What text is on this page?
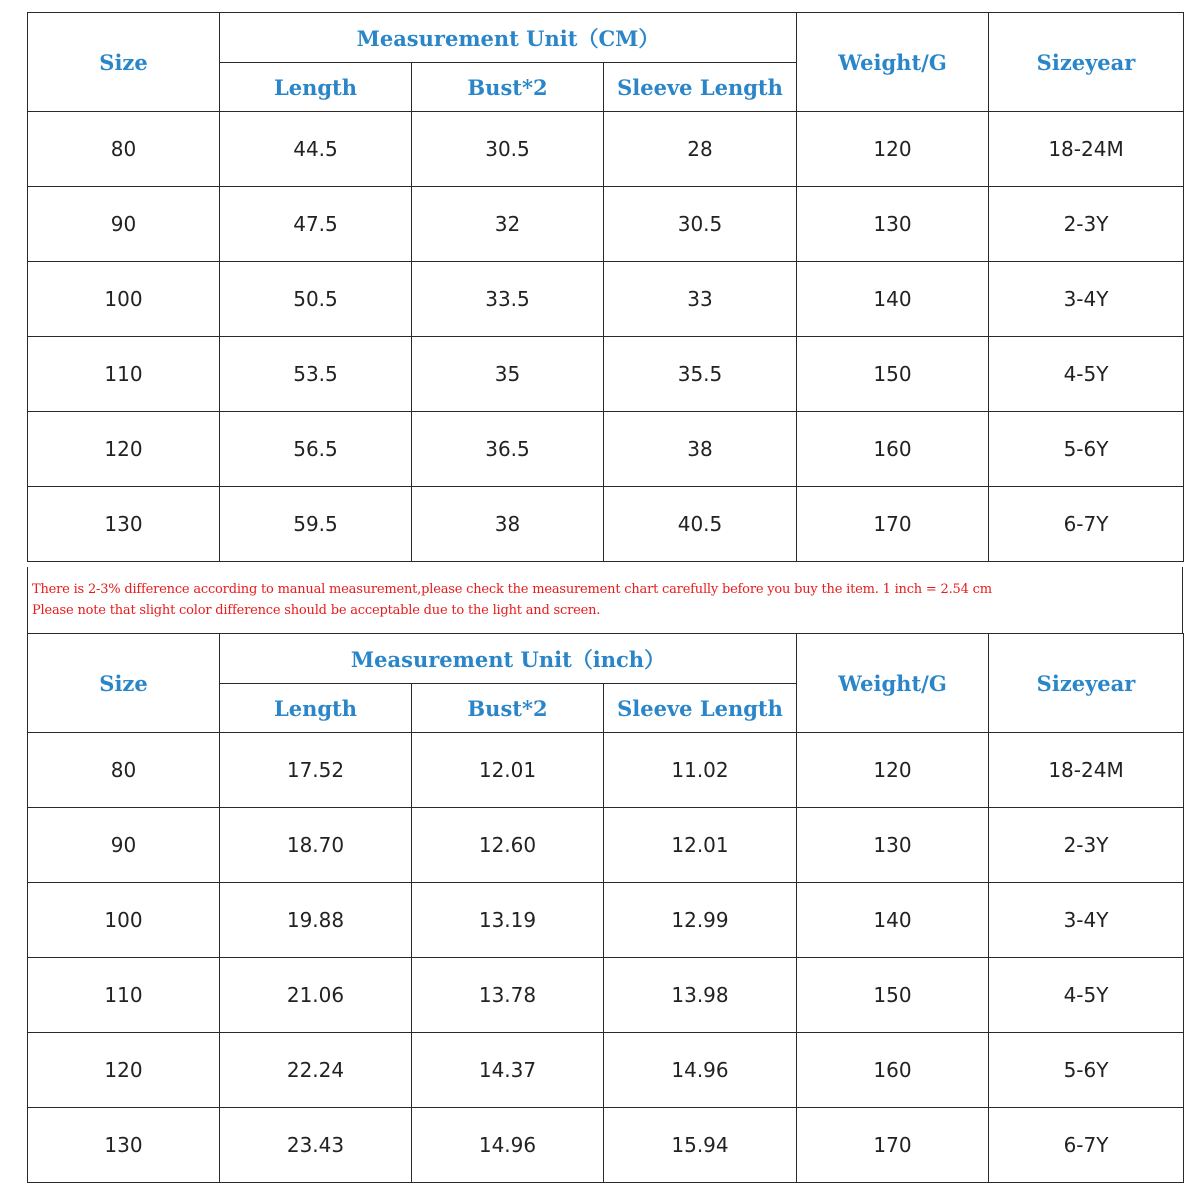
Size	Measurement Unit（CM）			Weight/G	Sizeyear
	Length	Bust*2	Sleeve Length		
80	44.5	30.5	28	120	18-24M
90	47.5	32	30.5	130	2-3Y
100	50.5	33.5	33	140	3-4Y
110	53.5	35	35.5	150	4-5Y
120	56.5	36.5	38	160	5-6Y
130	59.5	38	40.5	170	6-7Y
There is 2-3% difference according to manual measurement,please check the measurement chart carefully before you buy the item. 1 inch = 2.54 cm
Please note that slight color difference should be acceptable due to the light and screen.
Size	Measurement Unit（inch）			Weight/G	Sizeyear
	Length	Bust*2	Sleeve Length		
80	17.52	12.01	11.02	120	18-24M
90	18.70	12.60	12.01	130	2-3Y
100	19.88	13.19	12.99	140	3-4Y
110	21.06	13.78	13.98	150	4-5Y
120	22.24	14.37	14.96	160	5-6Y
130	23.43	14.96	15.94	170	6-7Y
